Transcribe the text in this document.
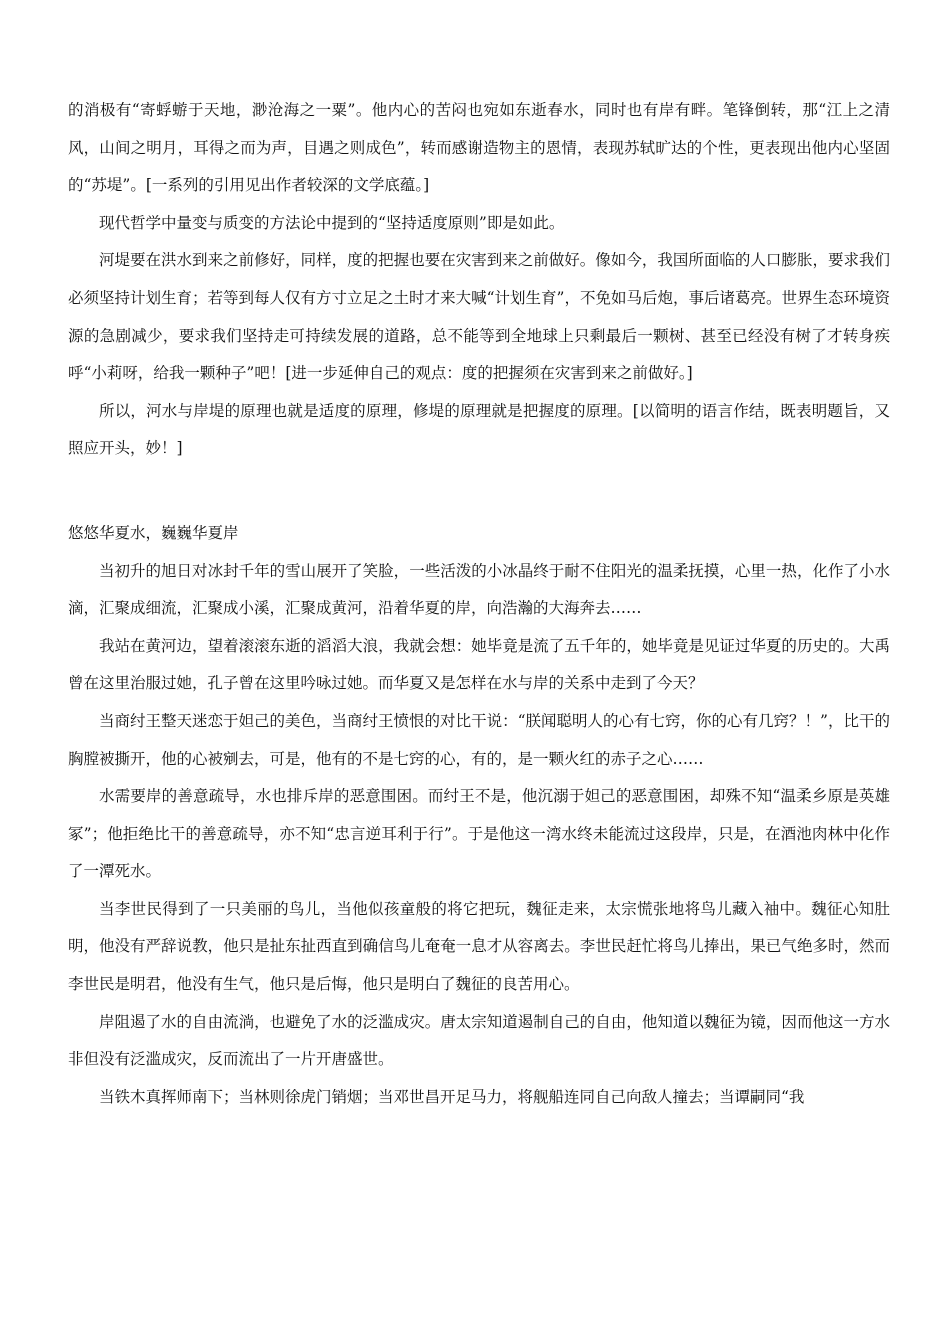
的消极有“寄蜉蝣于天地，渺沧海之一粟”。他内心的苦闷也宛如东逝春水，同时也有岸有畔。笔锋倒转，那“江上之清风，山间之明月，耳得之而为声，目遇之则成色”，转而感谢造物主的恩情，表现苏轼旷达的个性，更表现出他内心坚固的“苏堤”。[一系列的引用见出作者较深的文学底蕴。]

现代哲学中量变与质变的方法论中提到的“坚持适度原则”即是如此。

河堤要在洪水到来之前修好，同样，度的把握也要在灾害到来之前做好。像如今，我国所面临的人口膨胀，要求我们必须坚持计划生育；若等到每人仅有方寸立足之土时才来大喊“计划生育”，不免如马后炮，事后诸葛亮。世界生态环境资源的急剧减少，要求我们坚持走可持续发展的道路，总不能等到全地球上只剩最后一颗树、甚至已经没有树了才转身疾呼“小莉呀，给我一颗种子”吧！[进一步延伸自己的观点：度的把握须在灾害到来之前做好。]

所以，河水与岸堤的原理也就是适度的原理，修堤的原理就是把握度的原理。[以简明的语言作结，既表明题旨，又照应开头，妙！]

悠悠华夏水，巍巍华夏岸

当初升的旭日对冰封千年的雪山展开了笑脸，一些活泼的小冰晶终于耐不住阳光的温柔抚摸，心里一热，化作了小水滴，汇聚成细流，汇聚成小溪，汇聚成黄河，沿着华夏的岸，向浩瀚的大海奔去……

我站在黄河边，望着滚滚东逝的滔滔大浪，我就会想：她毕竟是流了五千年的，她毕竟是见证过华夏的历史的。大禹曾在这里治服过她，孔子曾在这里吟咏过她。而华夏又是怎样在水与岸的关系中走到了今天？

当商纣王整天迷恋于妲己的美色，当商纣王愤恨的对比干说：“朕闻聪明人的心有七窍，你的心有几窍？！”，比干的胸膛被撕开，他的心被剜去，可是，他有的不是七窍的心，有的，是一颗火红的赤子之心……

水需要岸的善意疏导，水也排斥岸的恶意围困。而纣王不是，他沉溺于妲己的恶意围困，却殊不知“温柔乡原是英雄冢”；他拒绝比干的善意疏导，亦不知“忠言逆耳利于行”。于是他这一湾水终未能流过这段岸，只是，在酒池肉林中化作了一潭死水。

当李世民得到了一只美丽的鸟儿，当他似孩童般的将它把玩，魏征走来，太宗慌张地将鸟儿藏入袖中。魏征心知肚明，他没有严辞说教，他只是扯东扯西直到确信鸟儿奄奄一息才从容离去。李世民赶忙将鸟儿捧出，果已气绝多时，然而李世民是明君，他没有生气，他只是后悔，他只是明白了魏征的良苦用心。

岸阻遏了水的自由流淌，也避免了水的泛滥成灾。唐太宗知道遏制自己的自由，他知道以魏征为镜，因而他这一方水非但没有泛滥成灾，反而流出了一片开唐盛世。

当铁木真挥师南下；当林则徐虎门销烟；当邓世昌开足马力，将舰船连同自己向敌人撞去；当谭嗣同“我
